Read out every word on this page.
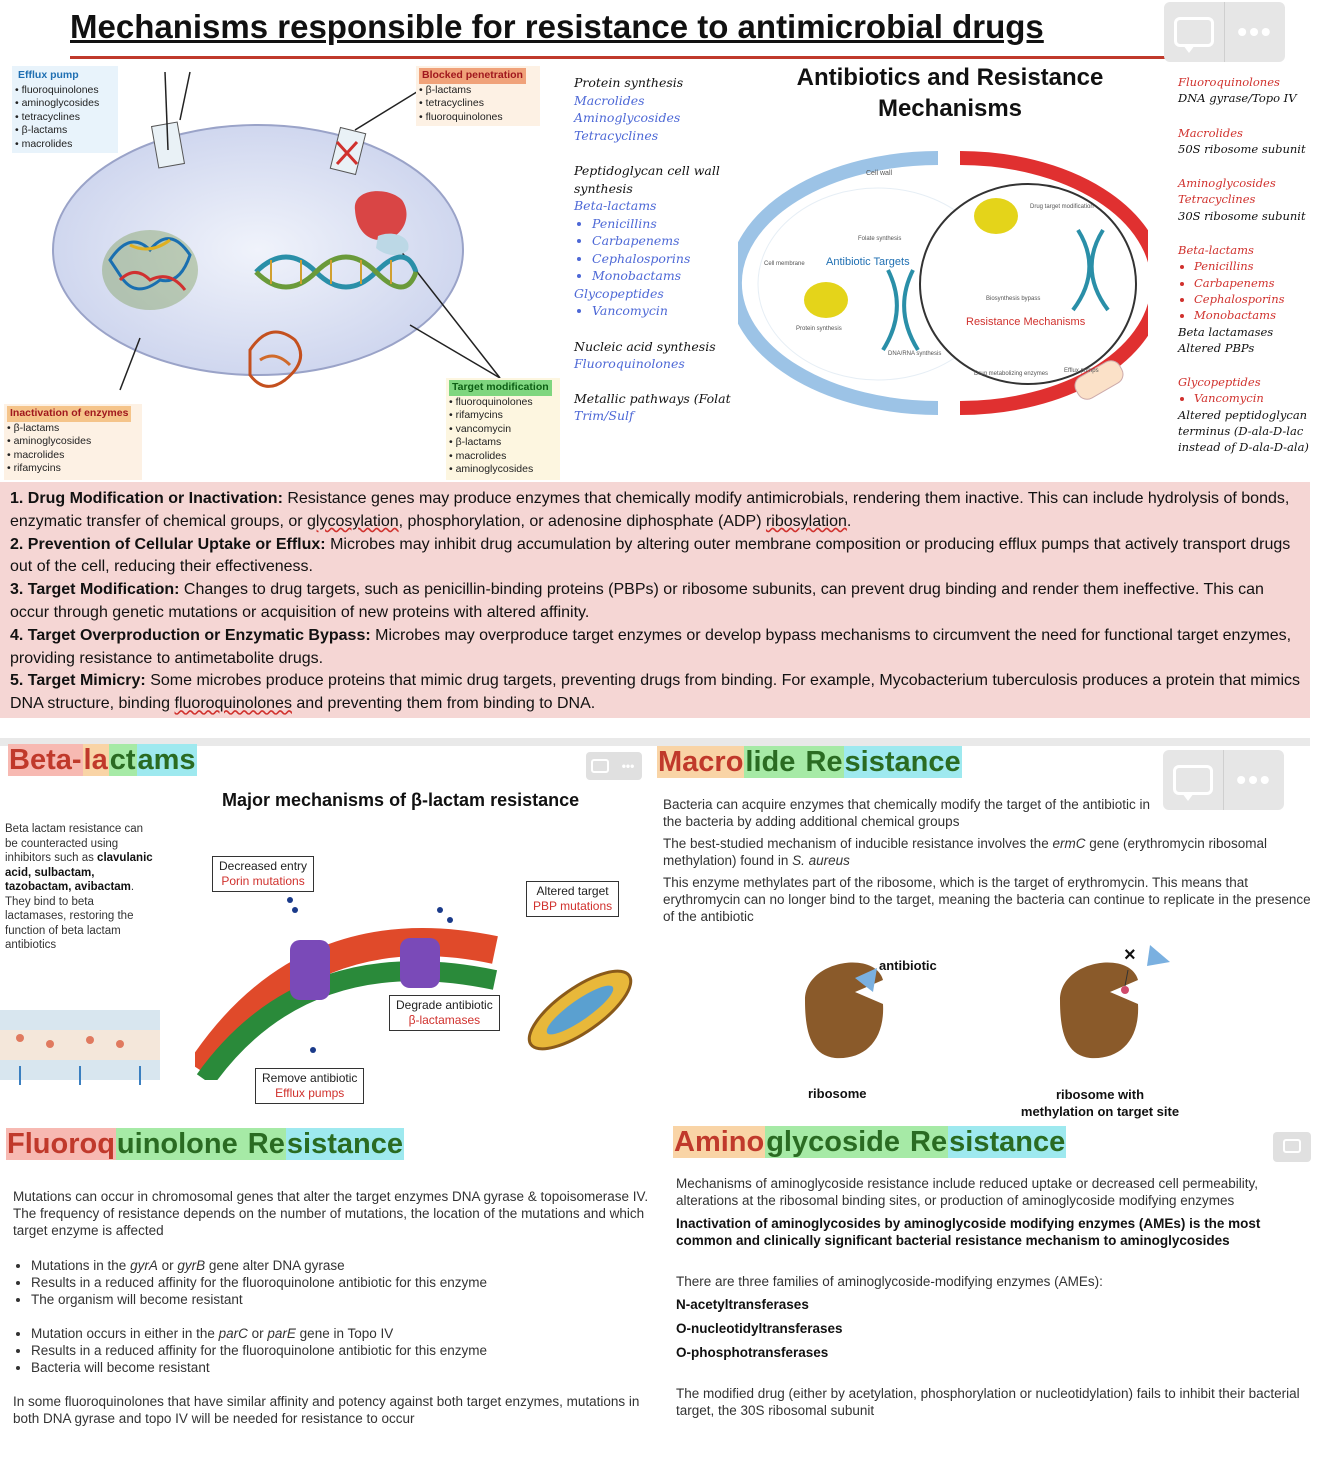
Mechanisms responsible for resistance to antimicrobial drugs	•••
Efflux pump
• fluoroquinolones
• aminoglycosides
• tetracyclines
• β-lactams
• macrolides
Blocked penetration
• β-lactams
• tetracyclines
• fluoroquinolones
Inactivation of enzymes
• β-lactams
• aminoglycosides
• macrolides
• rifamycins
Target modification
• fluoroquinolones
• rifamycins
• vancomycin
• β-lactams
• macrolides
• aminoglycosides
Protein synthesis
Macrolides
Aminoglycosides
Tetracyclines
Peptidoglycan cell wall synthesis
Beta-lactams
• Penicillins
• Carbapenems
• Cephalosporins
• Monobactams
Glycopeptides
• Vancomycin
Nucleic acid synthesis
Fluoroquinolones
Metallic pathways (Folat
Trim/Sulf
Antibiotics and Resistance Mechanisms
Cell wall
Cell membrane
Folate synthesis
Protein synthesis
DNA/RNA synthesis
Antibiotic Targets
Resistance Mechanisms
Drug target modification
Biosynthesis bypass
Drug metabolizing enzymes	Efflux pumps
Fluoroquinolones
DNA gyrase/Topo IV
Macrolides
50S ribosome subunit
Aminoglycosides
Tetracyclines
30S ribosome subunit
Beta-lactams
• Penicillins
• Carbapenems
• Cephalosporins
• Monobactams
Beta lactamases
Altered PBPs
Glycopeptides
• Vancomycin
Altered peptidoglycan
terminus (D-ala-D-lac
instead of D-ala-D-ala)
1. Drug Modification or Inactivation: Resistance genes may produce enzymes that chemically modify antimicrobials, rendering them inactive. This can include hydrolysis of bonds, enzymatic transfer of chemical groups, or glycosylation, phosphorylation, or adenosine diphosphate (ADP) ribosylation.
2. Prevention of Cellular Uptake or Efflux: Microbes may inhibit drug accumulation by altering outer membrane composition or producing efflux pumps that actively transport drugs out of the cell, reducing their effectiveness.
3. Target Modification: Changes to drug targets, such as penicillin-binding proteins (PBPs) or ribosome subunits, can prevent drug binding and render them ineffective. This can occur through genetic mutations or acquisition of new proteins with altered affinity.
4. Target Overproduction or Enzymatic Bypass: Microbes may overproduce target enzymes or develop bypass mechanisms to circumvent the need for functional target enzymes, providing resistance to antimetabolite drugs.
5. Target Mimicry: Some microbes produce proteins that mimic drug targets, preventing drugs from binding. For example, Mycobacterium tuberculosis produces a protein that mimics DNA structure, binding fluoroquinolones and preventing them from binding to DNA.
Beta-lactams	•••
Major mechanisms of β-lactam resistance
Beta lactam resistance can be counteracted using inhibitors such as clavulanic acid, sulbactam, tazobactam, avibactam. They bind to beta lactamases, restoring the function of beta lactam antibiotics
Decreased entry
Porin mutations
Altered target
PBP mutations
Degrade antibiotic
β-lactamases
Remove antibiotic
Efflux pumps
Macrolide Resistance
•••
Bacteria can acquire enzymes that chemically modify the target of the antibiotic in the bacteria by adding additional chemical groups
The best-studied mechanism of inducible resistance involves the ermC gene (erythromycin ribosomal methylation) found in S. aureus
This enzyme methylates part of the ribosome, which is the target of erythromycin. This means that erythromycin can no longer bind to the target, meaning the bacteria can continue to replicate in the presence of the antibiotic
×
antibiotic
ribosome	ribosome with
methylation on target site
Fluoroquinolone Resistance
Mutations can occur in chromosomal genes that alter the target enzymes DNA gyrase & topoisomerase IV. The frequency of resistance depends on the number of mutations, the location of the mutations and which target enzyme is affected
• Mutations in the gyrA or gyrB gene alter DNA gyrase
• Results in a reduced affinity for the fluoroquinolone antibiotic for this enzyme
• The organism will become resistant
• Mutation occurs in either in the parC or parE gene in Topo IV
• Results in a reduced affinity for the fluoroquinolone antibiotic for this enzyme
• Bacteria will become resistant
In some fluoroquinolones that have similar affinity and potency against both target enzymes, mutations in both DNA gyrase and topo IV will be needed for resistance to occur
Aminoglycoside Resistance
Mechanisms of aminoglycoside resistance include reduced uptake or decreased cell permeability, alterations at the ribosomal binding sites, or production of aminoglycoside modifying enzymes
Inactivation of aminoglycosides by aminoglycoside modifying enzymes (AMEs) is the most common and clinically significant bacterial resistance mechanism to aminoglycosides
There are three families of aminoglycoside-modifying enzymes (AMEs):
N-acetyltransferases
O-nucleotidyltransferases
O-phosphotransferases
The modified drug (either by acetylation, phosphorylation or nucleotidylation) fails to inhibit their bacterial target, the 30S ribosomal subunit
